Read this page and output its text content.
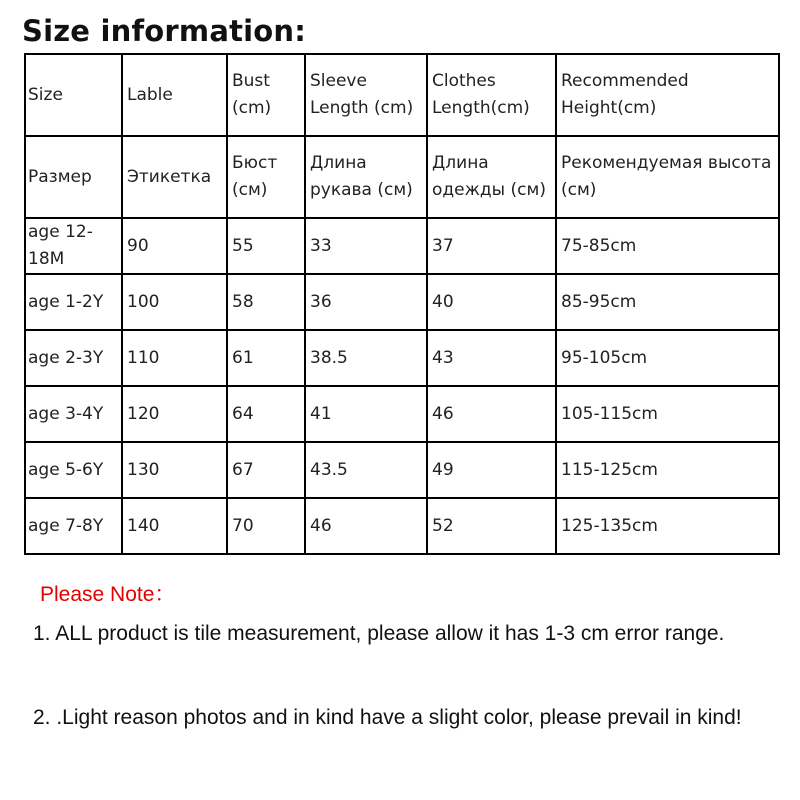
Size information:
Size	Lable	Bust (cm)	Sleeve Length (cm)	Clothes Length(cm)	Recommended Height(cm)
Размер	Этикетка	Бюст (см)	Длина рукава (см)	Длина одежды (см)	Рекомендуемая высота (см)
age 12-18M	90	55	33	37	75-85cm
age 1-2Y	100	58	36	40	85-95cm
age 2-3Y	110	61	38.5	43	95-105cm
age 3-4Y	120	64	41	46	105-115cm
age 5-6Y	130	67	43.5	49	115-125cm
age 7-8Y	140	70	46	52	125-135cm

Please Note：

1. ALL product is tile measurement, please allow it has 1-3 cm error range.

2. .Light reason photos and in kind have a slight color, please prevail in kind!
